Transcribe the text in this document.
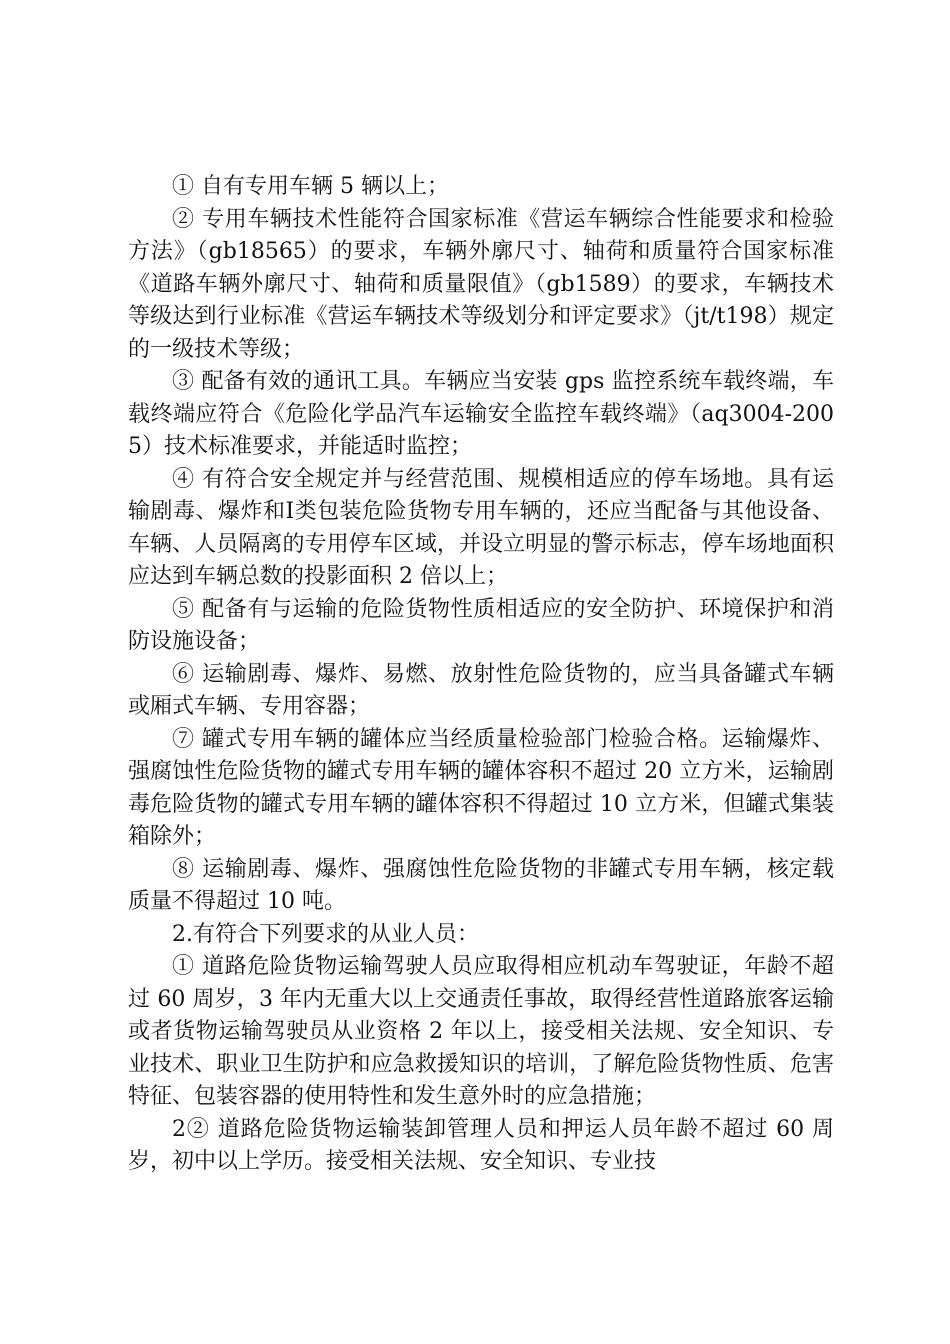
① 自有专用车辆 5 辆以上；

② 专用车辆技术性能符合国家标准《营运车辆综合性能要求和检验方法》（gb18565）的要求，车辆外廓尺寸、轴荷和质量符合国家标准《道路车辆外廓尺寸、轴荷和质量限值》（gb1589）的要求，车辆技术等级达到行业标准《营运车辆技术等级划分和评定要求》（jt/t198）规定的一级技术等级；

③ 配备有效的通讯工具。车辆应当安装 gps 监控系统车载终端，车载终端应符合《危险化学品汽车运输安全监控车载终端》（aq3004-2005）技术标准要求，并能适时监控；

④ 有符合安全规定并与经营范围、规模相适应的停车场地。具有运输剧毒、爆炸和Ⅰ类包装危险货物专用车辆的，还应当配备与其他设备、车辆、人员隔离的专用停车区域，并设立明显的警示标志，停车场地面积应达到车辆总数的投影面积 2 倍以上；

⑤ 配备有与运输的危险货物性质相适应的安全防护、环境保护和消防设施设备；

⑥ 运输剧毒、爆炸、易燃、放射性危险货物的，应当具备罐式车辆或厢式车辆、专用容器；

⑦ 罐式专用车辆的罐体应当经质量检验部门检验合格。运输爆炸、强腐蚀性危险货物的罐式专用车辆的罐体容积不超过 20 立方米，运输剧毒危险货物的罐式专用车辆的罐体容积不得超过 10 立方米，但罐式集装箱除外；

⑧ 运输剧毒、爆炸、强腐蚀性危险货物的非罐式专用车辆，核定载质量不得超过 10 吨。

2.有符合下列要求的从业人员：

① 道路危险货物运输驾驶人员应取得相应机动车驾驶证，年龄不超过 60 周岁，3 年内无重大以上交通责任事故，取得经营性道路旅客运输或者货物运输驾驶员从业资格 2 年以上，接受相关法规、安全知识、专业技术、职业卫生防护和应急救援知识的培训，了解危险货物性质、危害特征、包装容器的使用特性和发生意外时的应急措施；

2② 道路危险货物运输装卸管理人员和押运人员年龄不超过 60 周岁，初中以上学历。接受相关法规、安全知识、专业技
